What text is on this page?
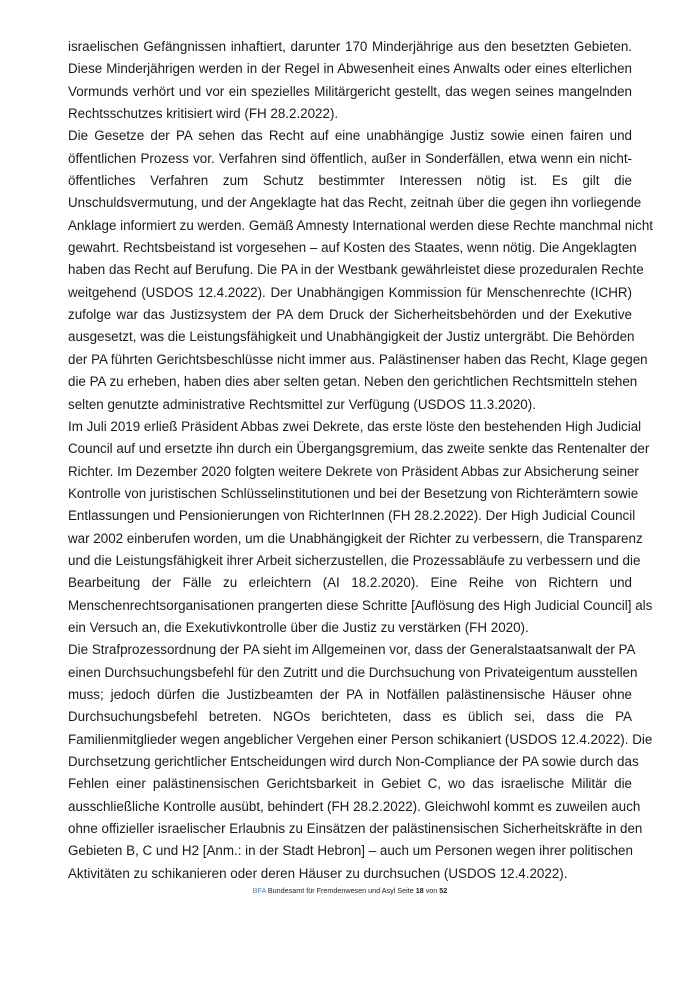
israelischen Gefängnissen inhaftiert, darunter 170 Minderjährige aus den besetzten Gebieten.
Diese Minderjährigen werden in der Regel in Abwesenheit eines Anwalts oder eines elterlichen
Vormunds verhört und vor ein spezielles Militärgericht gestellt, das wegen seines mangelnden
Rechtsschutzes kritisiert wird (FH 28.2.2022).
Die Gesetze der PA sehen das Recht auf eine unabhängige Justiz sowie einen fairen und
öffentlichen Prozess vor. Verfahren sind öffentlich, außer in Sonderfällen, etwa wenn ein nicht-
öffentliches Verfahren zum Schutz bestimmter Interessen nötig ist. Es gilt die
Unschuldsvermutung, und der Angeklagte hat das Recht, zeitnah über die gegen ihn vorliegende
Anklage informiert zu werden. Gemäß Amnesty International werden diese Rechte manchmal nicht
gewahrt. Rechtsbeistand ist vorgesehen – auf Kosten des Staates, wenn nötig. Die Angeklagten
haben das Recht auf Berufung. Die PA in der Westbank gewährleistet diese prozeduralen Rechte
weitgehend (USDOS 12.4.2022). Der Unabhängigen Kommission für Menschenrechte (ICHR)
zufolge war das Justizsystem der PA dem Druck der Sicherheitsbehörden und der Exekutive
ausgesetzt, was die Leistungsfähigkeit und Unabhängigkeit der Justiz untergräbt. Die Behörden
der PA führten Gerichtsbeschlüsse nicht immer aus. Palästinenser haben das Recht, Klage gegen
die PA zu erheben, haben dies aber selten getan. Neben den gerichtlichen Rechtsmitteln stehen
selten genutzte administrative Rechtsmittel zur Verfügung (USDOS 11.3.2020).
Im Juli 2019 erließ Präsident Abbas zwei Dekrete, das erste löste den bestehenden High Judicial
Council auf und ersetzte ihn durch ein Übergangsgremium, das zweite senkte das Rentenalter der
Richter. Im Dezember 2020 folgten weitere Dekrete von Präsident Abbas zur Absicherung seiner
Kontrolle von juristischen Schlüsselinstitutionen und bei der Besetzung von Richterämtern sowie
Entlassungen und Pensionierungen von RichterInnen (FH 28.2.2022). Der High Judicial Council
war 2002 einberufen worden, um die Unabhängigkeit der Richter zu verbessern, die Transparenz
und die Leistungsfähigkeit ihrer Arbeit sicherzustellen, die Prozessabläufe zu verbessern und die
Bearbeitung der Fälle zu erleichtern (AI 18.2.2020). Eine Reihe von Richtern und
Menschenrechtsorganisationen prangerten diese Schritte [Auflösung des High Judicial Council] als
ein Versuch an, die Exekutivkontrolle über die Justiz zu verstärken (FH 2020).
Die Strafprozessordnung der PA sieht im Allgemeinen vor, dass der Generalstaatsanwalt der PA
einen Durchsuchungsbefehl für den Zutritt und die Durchsuchung von Privateigentum ausstellen
muss; jedoch dürfen die Justizbeamten der PA in Notfällen palästinensische Häuser ohne
Durchsuchungsbefehl betreten. NGOs berichteten, dass es üblich sei, dass die PA
Familienmitglieder wegen angeblicher Vergehen einer Person schikaniert (USDOS 12.4.2022). Die
Durchsetzung gerichtlicher Entscheidungen wird durch Non-Compliance der PA sowie durch das
Fehlen einer palästinensischen Gerichtsbarkeit in Gebiet C, wo das israelische Militär die
ausschließliche Kontrolle ausübt, behindert (FH 28.2.2022). Gleichwohl kommt es zuweilen auch
ohne offizieller israelischer Erlaubnis zu Einsätzen der palästinensischen Sicherheitskräfte in den
Gebieten B, C und H2 [Anm.: in der Stadt Hebron] – auch um Personen wegen ihrer politischen
Aktivitäten zu schikanieren oder deren Häuser zu durchsuchen (USDOS 12.4.2022).
BFA Bundesamt für Fremdenwesen und Asyl Seite 18 von 52
